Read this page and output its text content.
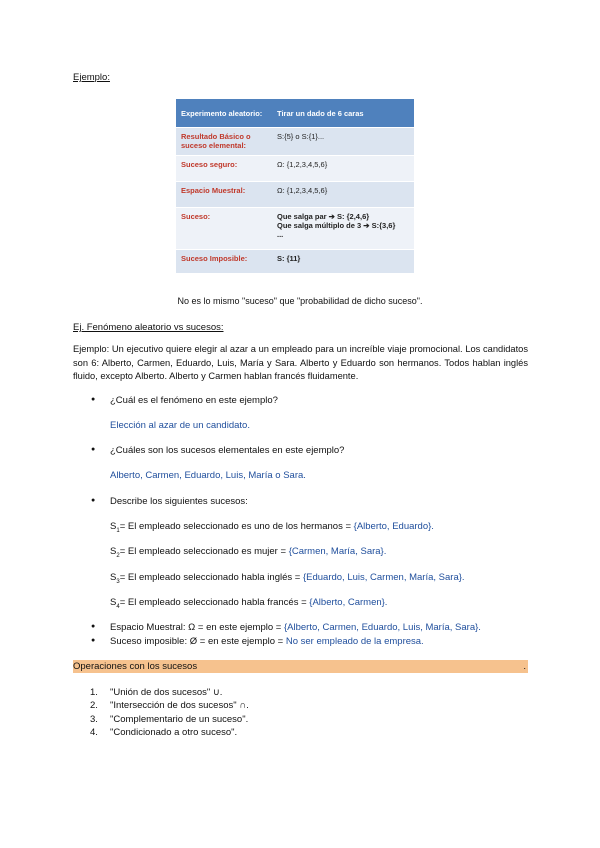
Ejemplo:
Experimento aleatorio:	Tirar un dado de 6 caras
Resultado Básico o suceso elemental:	S:{5} o S:{1}...
Suceso seguro:	Ω: {1,2,3,4,5,6}
Espacio Muestral:	Ω: {1,2,3,4,5,6}
Suceso:	Que salga par ➔ S: {2,4,6}
Que salga múltiplo de 3 ➔ S:{3,6}
...

Suceso Imposible:	S: {11}
No es lo mismo "suceso" que "probabilidad de dicho suceso".
Ej. Fenómeno aleatorio vs sucesos:
Ejemplo: Un ejecutivo quiere elegir al azar a un empleado para un increíble viaje promocional. Los candidatos son 6: Alberto, Carmen, Eduardo, Luis, María y Sara. Alberto y Eduardo son hermanos. Todos hablan inglés fluido, excepto Alberto. Alberto y Carmen hablan francés fluidamente.
● ¿Cuál es el fenómeno en este ejemplo?
Elección al azar de un candidato.
● ¿Cuáles son los sucesos elementales en este ejemplo?
Alberto, Carmen, Eduardo, Luis, María o Sara.
● Describe los siguientes sucesos:
$S_1= El$ empleado seleccionado es uno de los hermanos = {Alberto, Eduardo}.
$S_2= El$ empleado seleccionado es mujer = {Carmen, María, Sara}.
$S_3= El$ empleado seleccionado habla inglés = {Eduardo, Luis, Carmen, María, Sara}.
$S_4= El$ empleado seleccionado habla francés = {Alberto, Carmen}.
● Espacio Muestral: Ω = en este ejemplo = {Alberto, Carmen, Eduardo, Luis, María, Sara}.
● Suceso imposible: Ø = en este ejemplo = No ser empleado de la empresa.
Operaciones con los sucesos	.
1. "Unión de dos sucesos" ∪.
2. "Intersección de dos sucesos" ∩.
3. "Complementario de un suceso".
4. "Condicionado a otro suceso".
